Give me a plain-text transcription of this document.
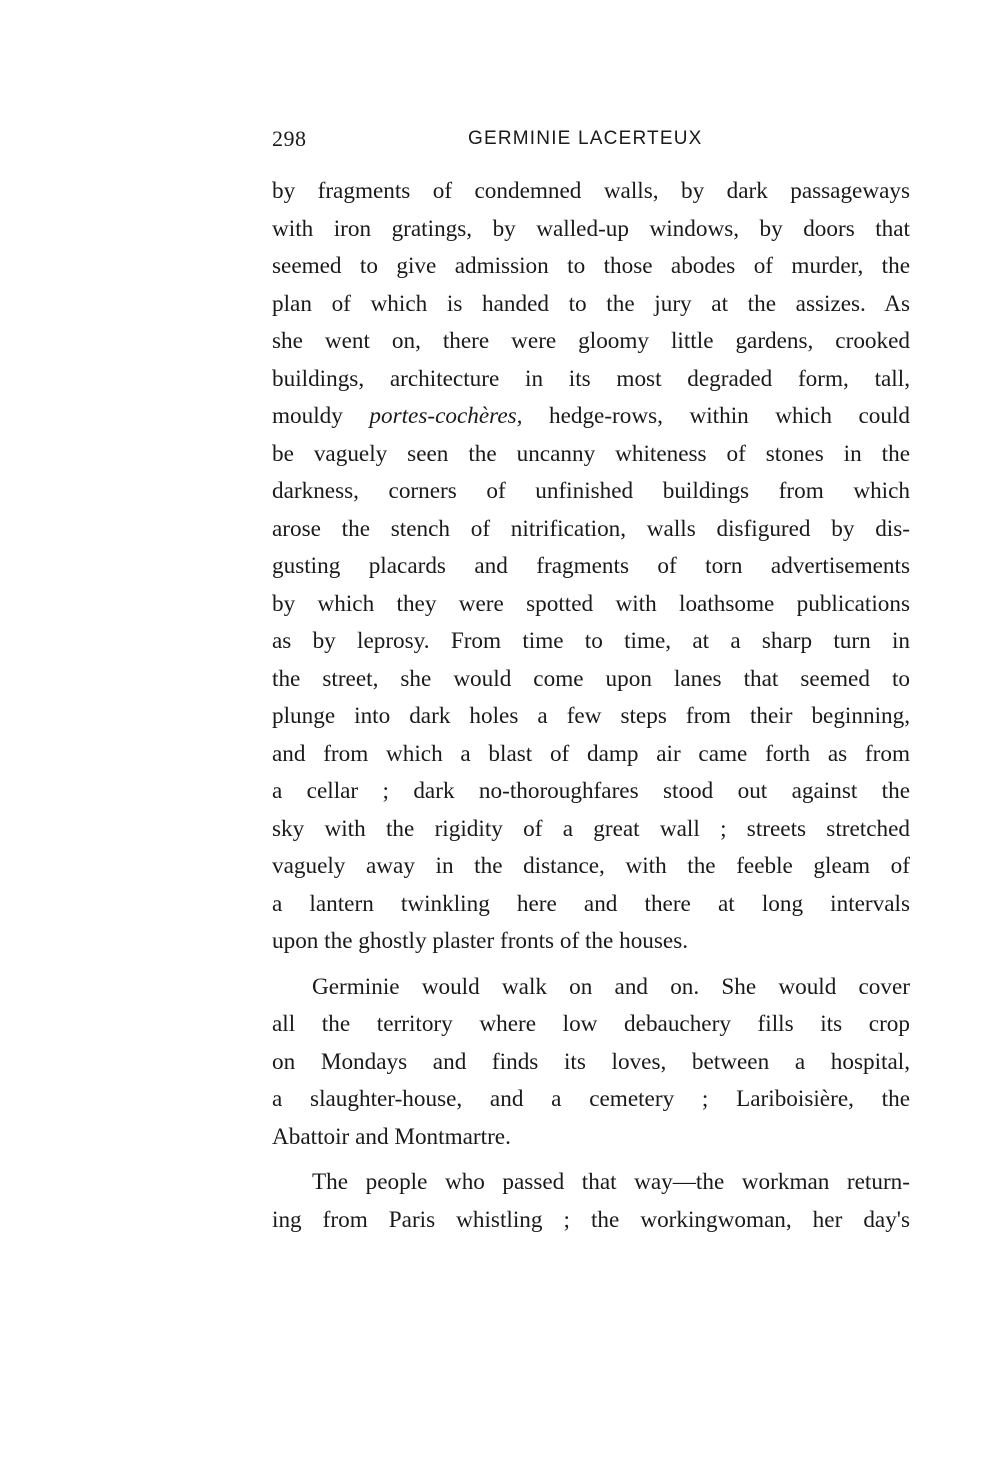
298	GERMINIE LACERTEUX
by fragments of condemned walls, by dark passageways
with iron gratings, by walled-up windows, by doors that
seemed to give admission to those abodes of murder, the
plan of which is handed to the jury at the assizes. As
she went on, there were gloomy little gardens, crooked
buildings, architecture in its most degraded form, tall,
mouldy portes-cochères, hedge-rows, within which could
be vaguely seen the uncanny whiteness of stones in the
darkness, corners of unfinished buildings from which
arose the stench of nitrification, walls disfigured by dis-
gusting placards and fragments of torn advertisements
by which they were spotted with loathsome publications
as by leprosy. From time to time, at a sharp turn in
the street, she would come upon lanes that seemed to
plunge into dark holes a few steps from their beginning,
and from which a blast of damp air came forth as from
a cellar ; dark no-thoroughfares stood out against the
sky with the rigidity of a great wall ; streets stretched
vaguely away in the distance, with the feeble gleam of
a lantern twinkling here and there at long intervals
upon the ghostly plaster fronts of the houses.
Germinie would walk on and on. She would cover
all the territory where low debauchery fills its crop
on Mondays and finds its loves, between a hospital,
a slaughter-house, and a cemetery ; Lariboisière, the
Abattoir and Montmartre.
The people who passed that way—the workman return-
ing from Paris whistling ; the workingwoman, her day's
